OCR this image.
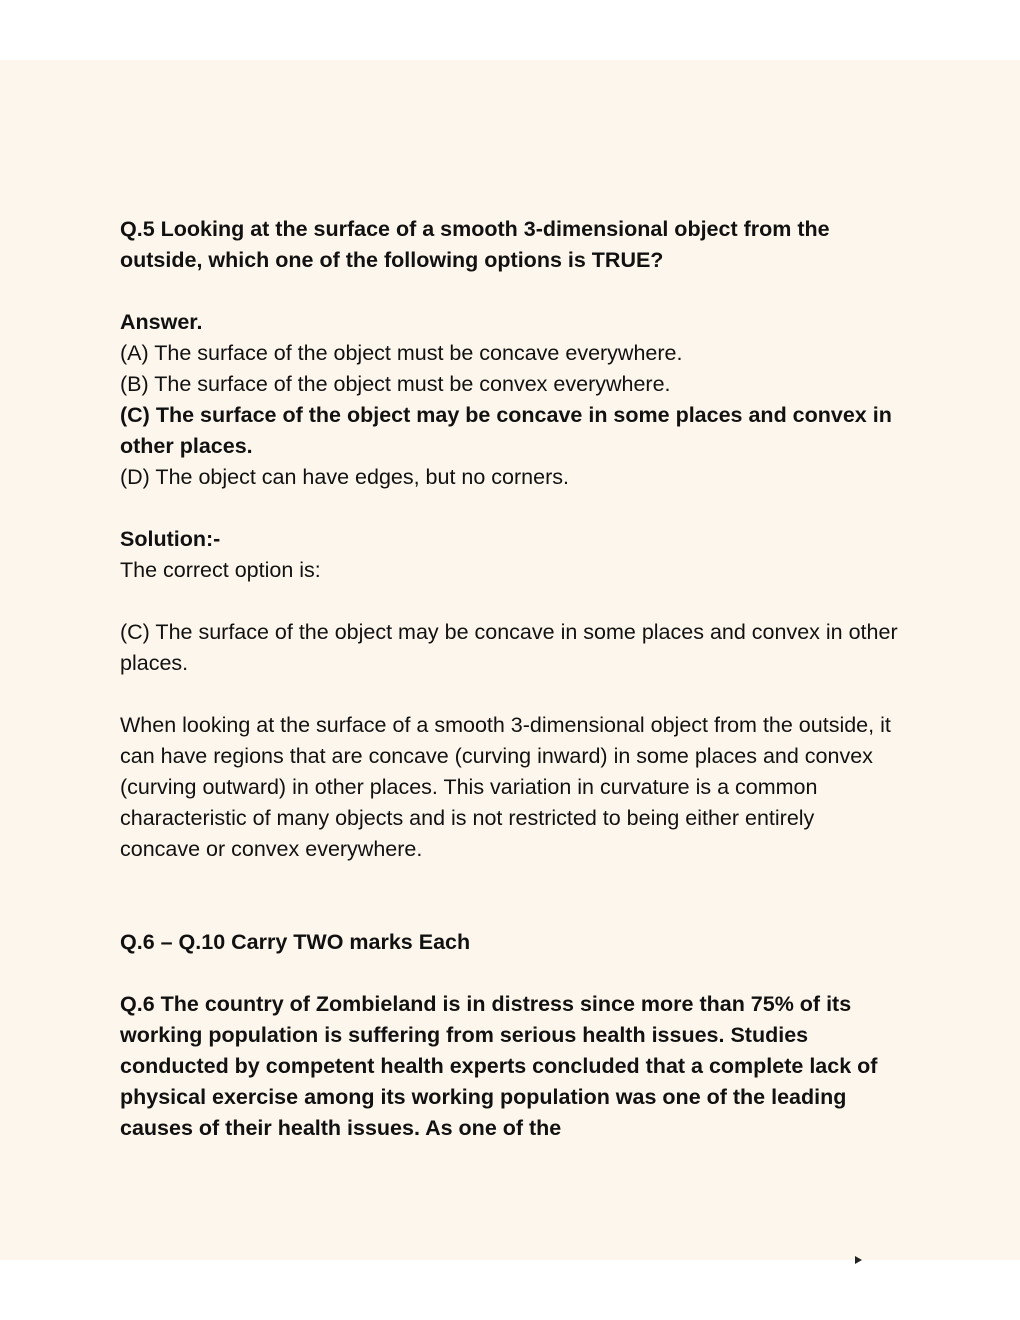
Q.5 Looking at the surface of a smooth 3-dimensional object from the outside, which one of the following options is TRUE?

Answer.

(A) The surface of the object must be concave everywhere.

(B) The surface of the object must be convex everywhere.

(C) The surface of the object may be concave in some places and convex in other places.

(D) The object can have edges, but no corners.

Solution:-

The correct option is:

(C) The surface of the object may be concave in some places and convex in other places.

When looking at the surface of a smooth 3-dimensional object from the outside, it can have regions that are concave (curving inward) in some places and convex (curving outward) in other places. This variation in curvature is a common characteristic of many objects and is not restricted to being either entirely concave or convex everywhere.

Q.6 – Q.10 Carry TWO marks Each

Q.6 The country of Zombieland is in distress since more than 75% of its working population is suffering from serious health issues. Studies conducted by competent health experts concluded that a complete lack of physical exercise among its working population was one of the leading causes of their health issues. As one of the
